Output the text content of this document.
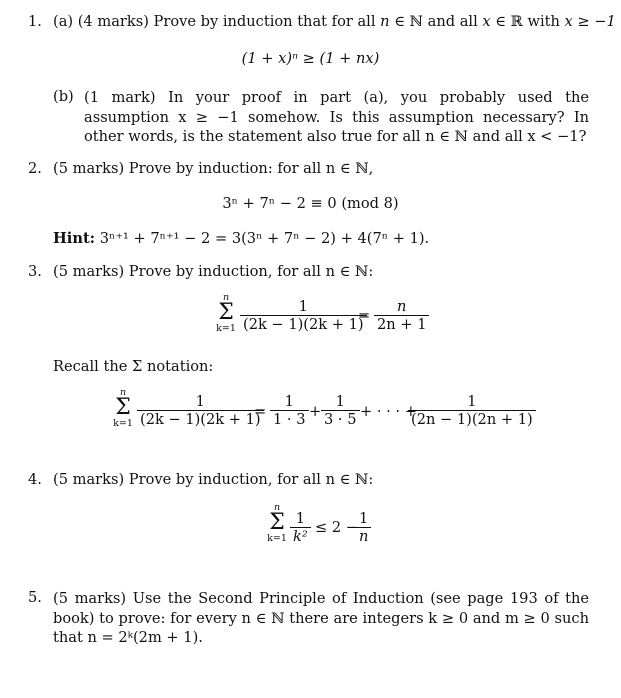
1. (a) (4 marks) Prove by induction that for all n ∈ ℕ and all x ∈ ℝ with x ≥ −1
(1 + x)ⁿ ≥ (1 + nx)
(b) (1 mark) In your proof in part (a), you probably used the assumption x ≥ −1 somehow. Is this assumption necessary? In other words, is the statement also true for all n ∈ ℕ and all x < −1?
2. (5 marks) Prove by induction: for all n ∈ ℕ,
3ⁿ + 7ⁿ − 2 ≡ 0 (mod 8)
Hint: 3ⁿ⁺¹ + 7ⁿ⁺¹ − 2 = 3(3ⁿ + 7ⁿ − 2) + 4(7ⁿ + 1).
3. (5 marks) Prove by induction, for all n ∈ ℕ:
n
Σ
$k=1 \frac{1}{(2k - 1)(2k + 1)}$
= $\frac{n}{2n + 1}$
Recall the Σ notation:
n
Σ
$k=1 \frac{1}{(2k - 1)(2k + 1)}$
= $\frac{1}{1 \cdot 3} + \frac{1}{3 \cdot 5}$ + · · · +
$\frac{1}{(2n - 1)(2n + 1)}$
4. (5 marks) Prove by induction, for all n ∈ ℕ:
n
Σ
$k=1 \frac{1}{\text{k²}} \le 2$ −
$\frac{1}{n}$
5. (5 marks) Use the Second Principle of Induction (see page 193 of the book) to prove: for every n ∈ ℕ there are integers k ≥ 0 and m ≥ 0 such that n = 2ᵏ(2m + 1).
